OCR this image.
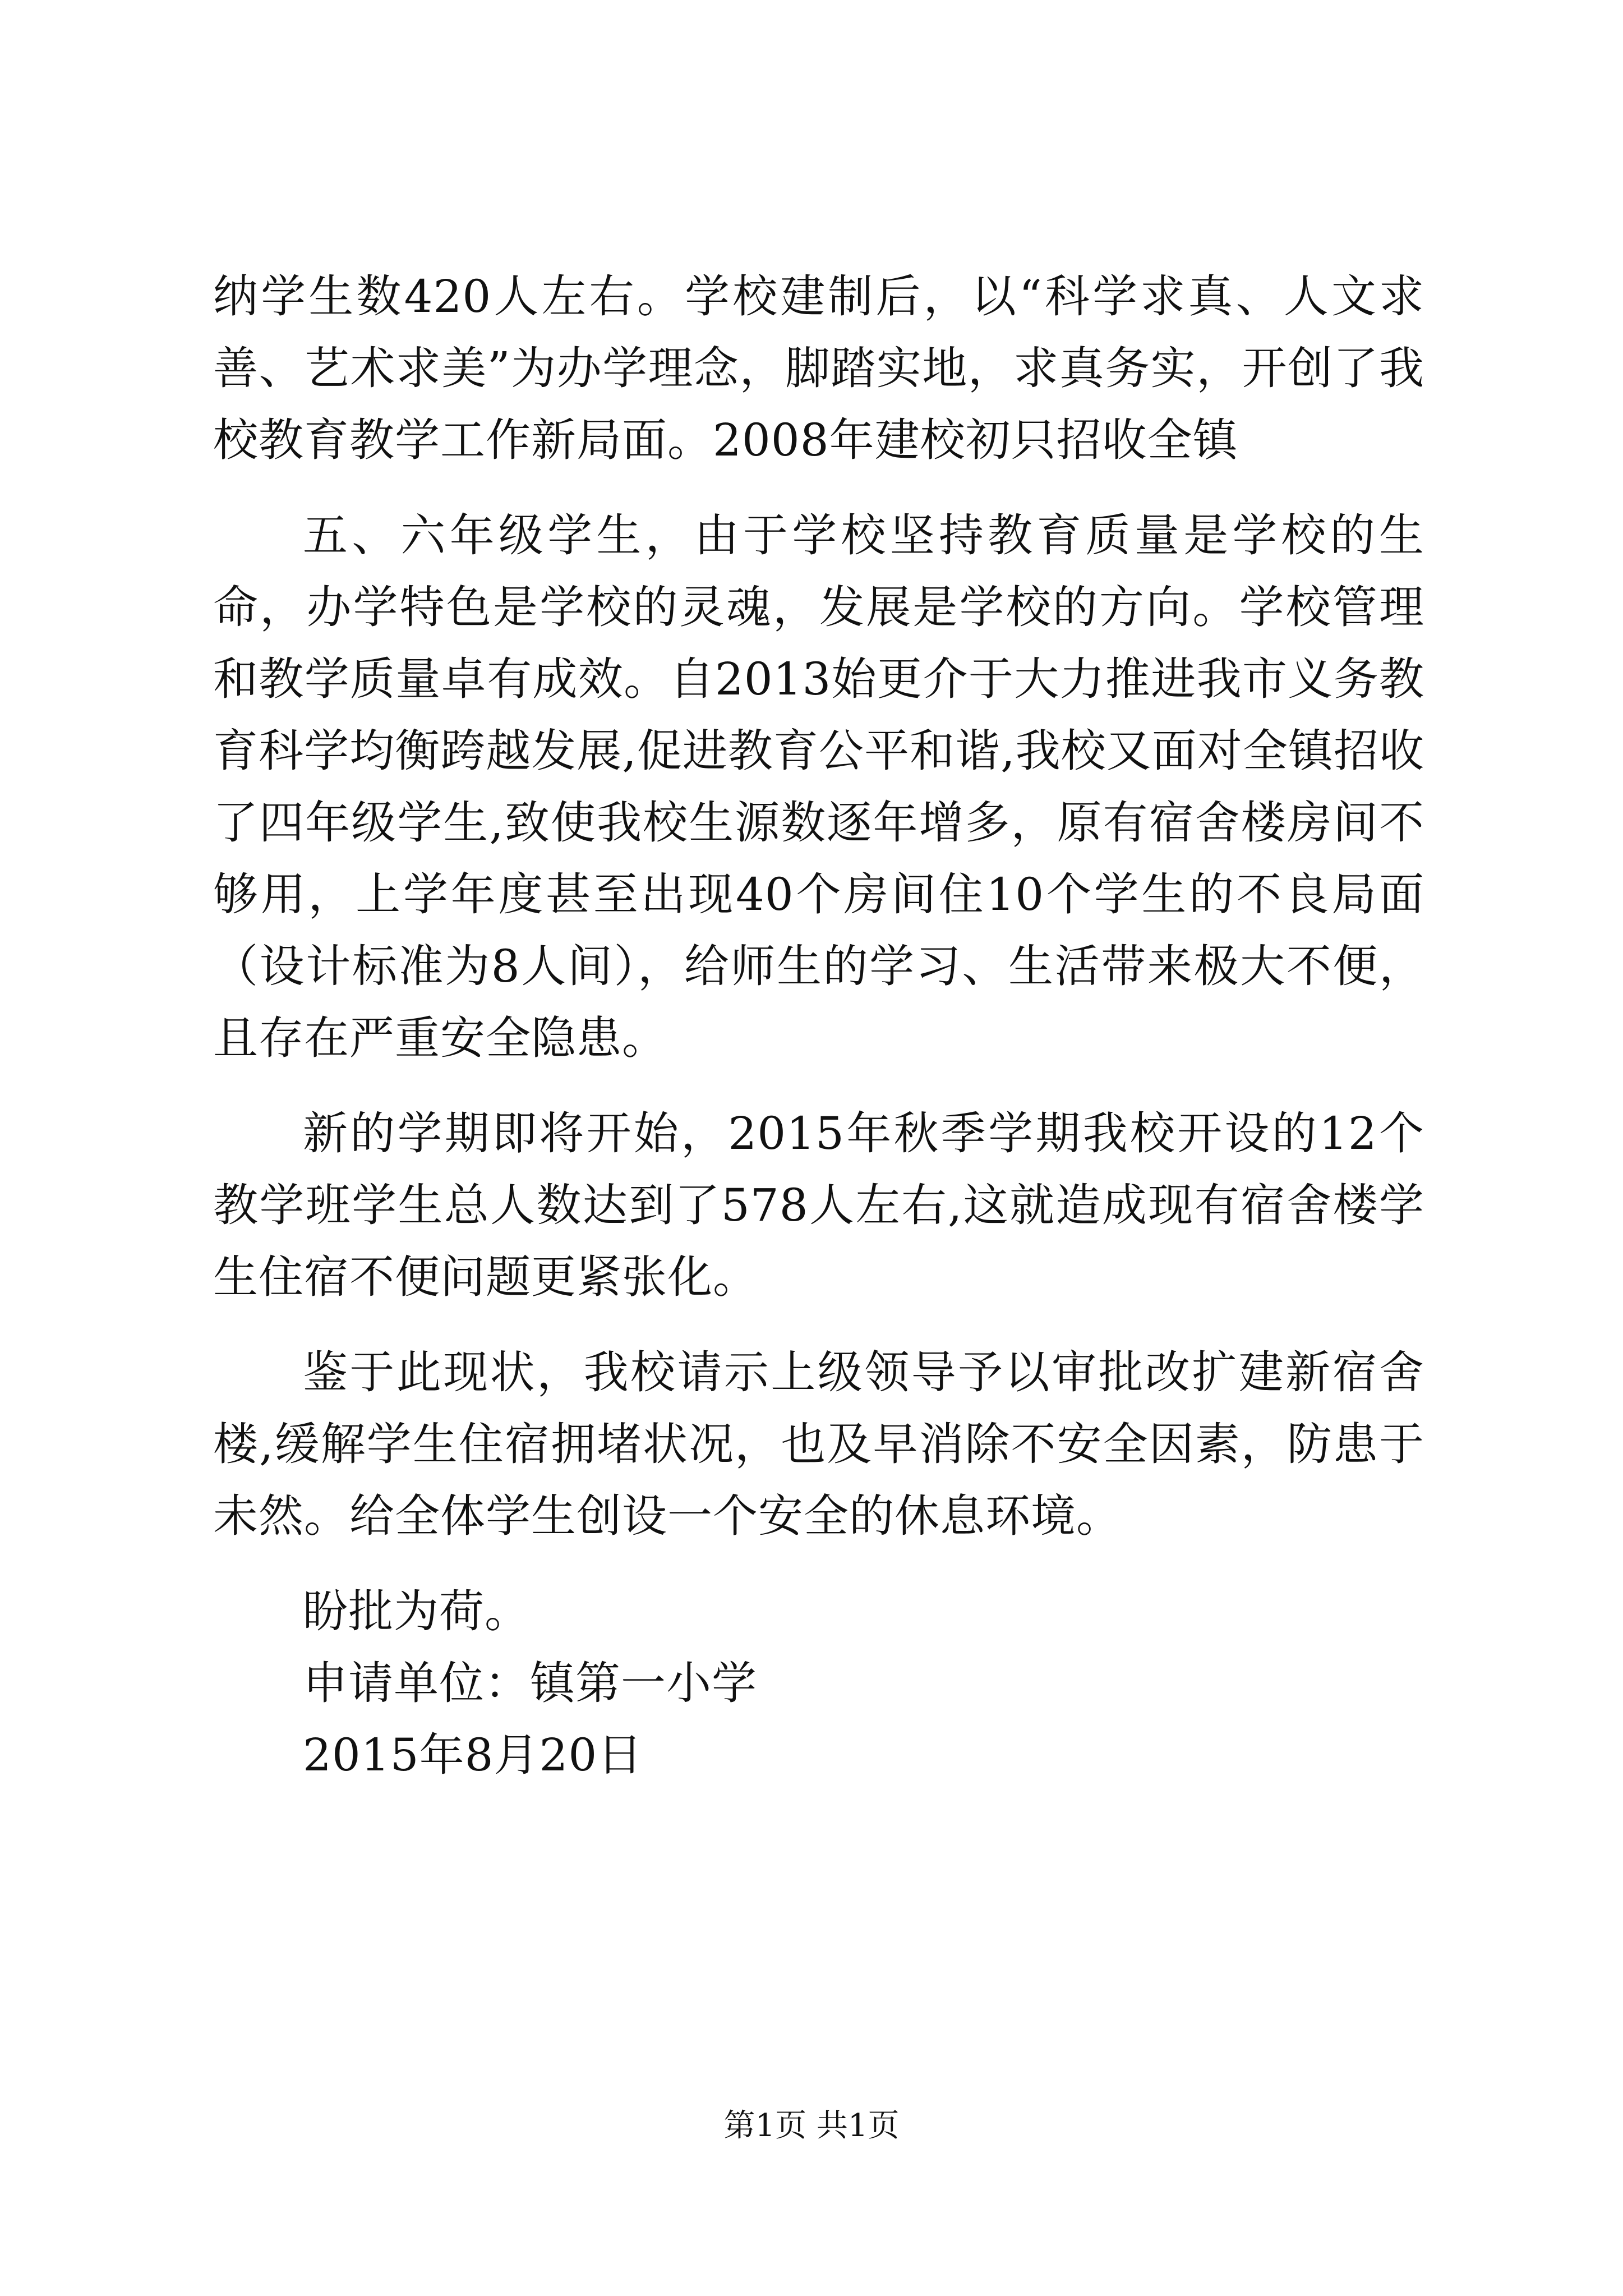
纳学生数420人左右。学校建制后，以“科学求真、人文求善、艺术求美”为办学理念，脚踏实地，求真务实，开创了我校教育教学工作新局面。2008年建校初只招收全镇

五、六年级学生，由于学校坚持教育质量是学校的生命，办学特色是学校的灵魂，发展是学校的方向。学校管理和教学质量卓有成效。自2013始更介于大力推进我市义务教育科学均衡跨越发展,促进教育公平和谐,我校又面对全镇招收了四年级学生,致使我校生源数逐年增多，原有宿舍楼房间不够用，上学年度甚至出现40个房间住10个学生的不良局面（设计标准为8人间），给师生的学习、生活带来极大不便，且存在严重安全隐患。

新的学期即将开始，2015年秋季学期我校开设的12个教学班学生总人数达到了578人左右,这就造成现有宿舍楼学生住宿不便问题更紧张化。

鉴于此现状，我校请示上级领导予以审批改扩建新宿舍楼,缓解学生住宿拥堵状况，也及早消除不安全因素，防患于未然。给全体学生创设一个安全的休息环境。

盼批为荷。

申请单位：镇第一小学

2015年8月20日

第1页 共1页
